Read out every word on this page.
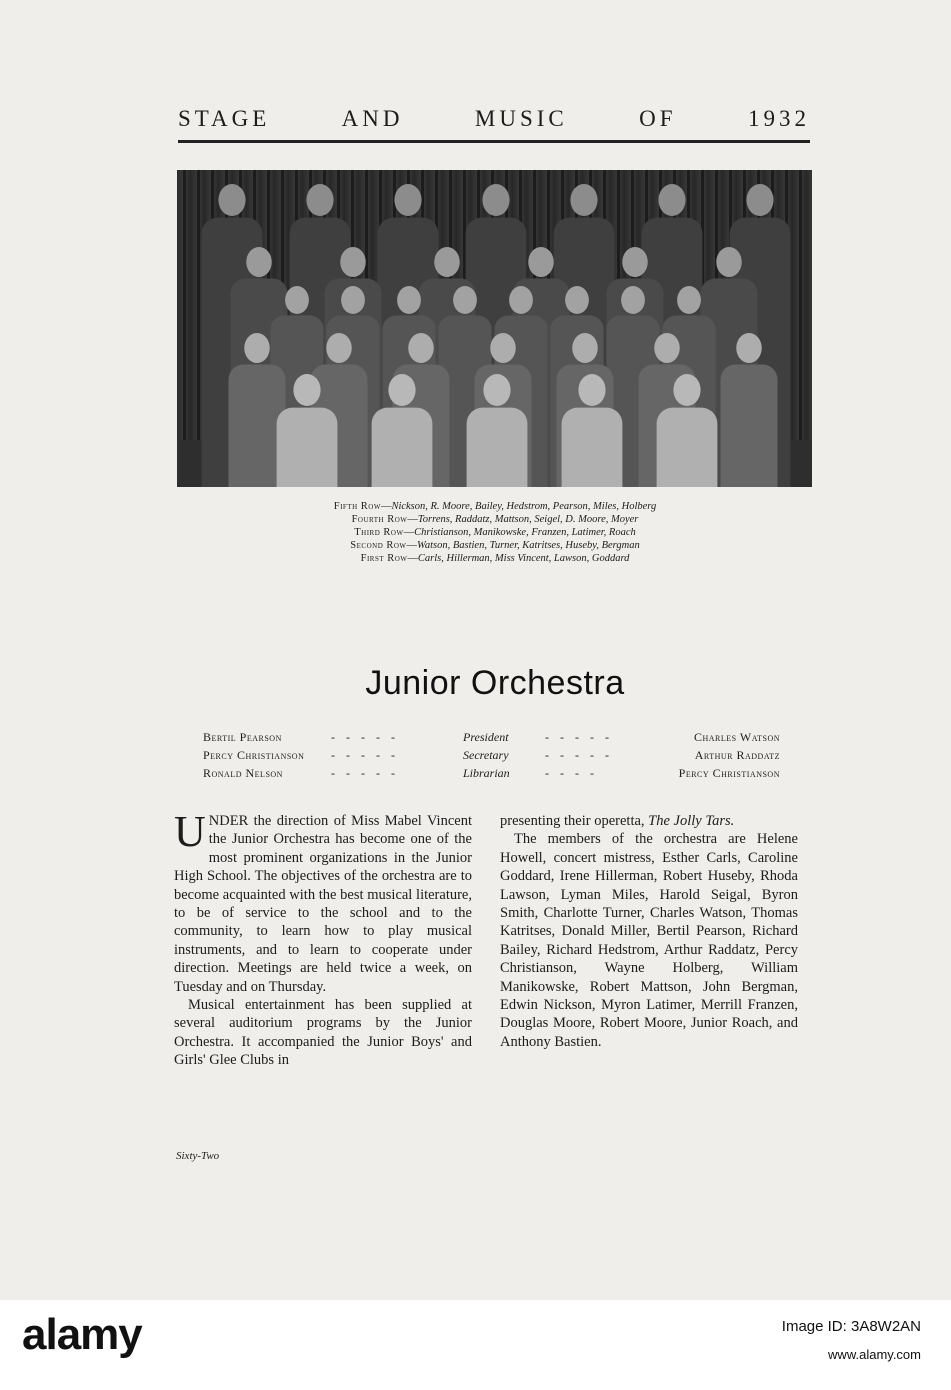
STAGE	AND	MUSIC	OF	1932
Fifth Row—Nickson, R. Moore, Bailey, Hedstrom, Pearson, Miles, Holberg
Fourth Row—Torrens, Raddatz, Mattson, Seigel, D. Moore, Moyer
Third Row—Christianson, Manikowske, Franzen, Latimer, Roach
Second Row—Watson, Bastien, Turner, Katritses, Huseby, Bergman
First Row—Carls, Hillerman, Miss Vincent, Lawson, Goddard
Junior Orchestra
Bertil Pearson	- - - - -	President	- - - - -	Charles Watson
Percy Christianson - - - - -	Secretary	- - - - -	Arthur Raddatz
Ronald Nelson	- - - - -	Librarian	- - - -	Percy Christianson

UNDER the direction of Miss Mabel Vincent the Junior Orchestra has become one of the most prominent organizations in the Junior High School. The objectives of the orchestra are to become acquainted with the best musical literature, to be of service to the school and to the community, to learn how to play musical instruments, and to learn to cooperate under direction. Meetings are held twice a week, on Tuesday and on Thursday.

Musical entertainment has been supplied at several auditorium programs by the Junior Orchestra. It accompanied the Junior Boys' and Girls' Glee Clubs in

presenting their operetta, The Jolly Tars.

The members of the orchestra are Helene Howell, concert mistress, Esther Carls, Caroline Goddard, Irene Hillerman, Robert Huseby, Rhoda Lawson, Lyman Miles, Harold Seigal, Byron Smith, Charlotte Turner, Charles Watson, Thomas Katritses, Donald Miller, Bertil Pearson, Richard Bailey, Richard Hedstrom, Arthur Raddatz, Percy Christianson, Wayne Holberg, William Manikowske, Robert Mattson, John Bergman, Edwin Nickson, Myron Latimer, Merrill Franzen, Douglas Moore, Robert Moore, Junior Roach, and Anthony Bastien.

Sixty-Two
alamy	Image ID: 3A8W2AN
www.alamy.com
